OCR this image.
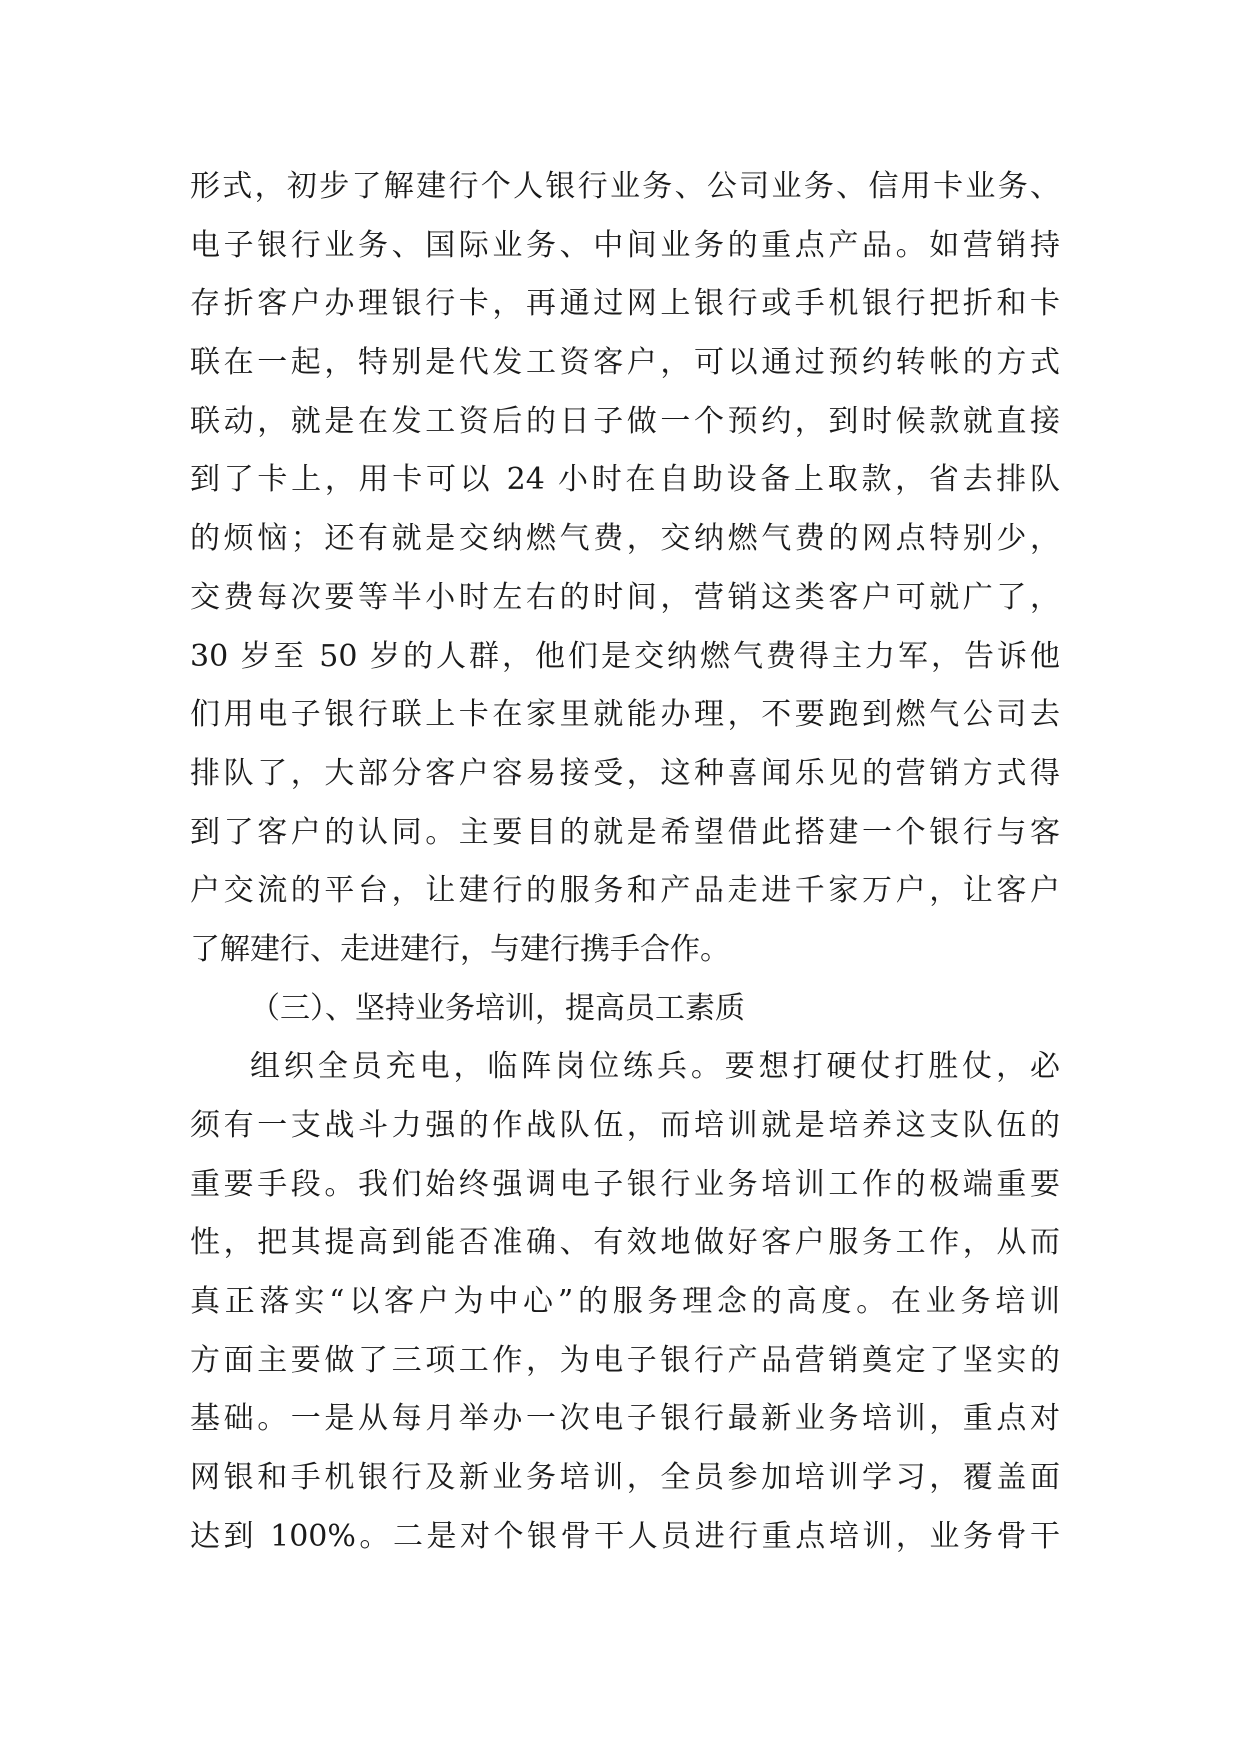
形式，初步了解建行个人银行业务、公司业务、信用卡业务、
电子银行业务、国际业务、中间业务的重点产品。如营销持
存折客户办理银行卡，再通过网上银行或手机银行把折和卡
联在一起，特别是代发工资客户，可以通过预约转帐的方式
联动，就是在发工资后的日子做一个预约，到时候款就直接
到了卡上，用卡可以 24 小时在自助设备上取款，省去排队
的烦恼；还有就是交纳燃气费，交纳燃气费的网点特别少，
交费每次要等半小时左右的时间，营销这类客户可就广了，
30 岁至 50 岁的人群，他们是交纳燃气费得主力军，告诉他
们用电子银行联上卡在家里就能办理，不要跑到燃气公司去
排队了，大部分客户容易接受，这种喜闻乐见的营销方式得
到了客户的认同。主要目的就是希望借此搭建一个银行与客
户交流的平台，让建行的服务和产品走进千家万户，让客户
了解建行、走进建行，与建行携手合作。
（三）、坚持业务培训，提高员工素质
组织全员充电，临阵岗位练兵。要想打硬仗打胜仗，必
须有一支战斗力强的作战队伍，而培训就是培养这支队伍的
重要手段。我们始终强调电子银行业务培训工作的极端重要
性，把其提高到能否准确、有效地做好客户服务工作，从而
真正落实“以客户为中心”的服务理念的高度。在业务培训
方面主要做了三项工作，为电子银行产品营销奠定了坚实的
基础。一是从每月举办一次电子银行最新业务培训，重点对
网银和手机银行及新业务培训，全员参加培训学习，覆盖面
达到 100%。二是对个银骨干人员进行重点培训，业务骨干
